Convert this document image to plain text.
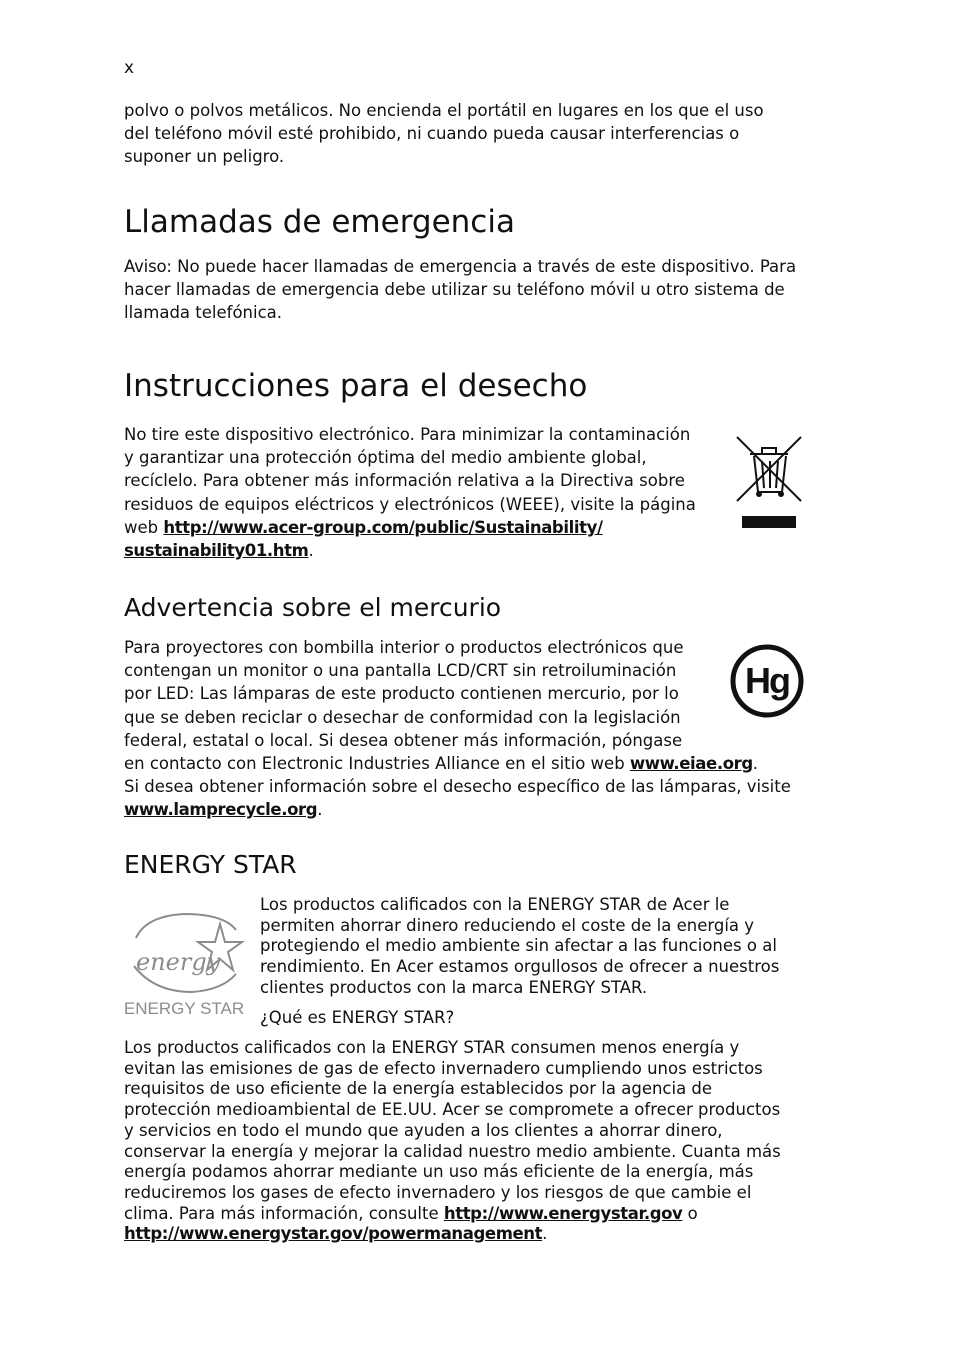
x

polvo o polvos metálicos. No encienda el portátil en lugares en los que el uso

del teléfono móvil esté prohibido, ni cuando pueda causar interferencias o

suponer un peligro.

Llamadas de emergencia

Aviso: No puede hacer llamadas de emergencia a través de este dispositivo. Para

hacer llamadas de emergencia debe utilizar su teléfono móvil u otro sistema de

llamada telefónica.

Instrucciones para el desecho

No tire este dispositivo electrónico. Para minimizar la contaminación

y garantizar una protección óptima del medio ambiente global,

recíclelo. Para obtener más información relativa a la Directiva sobre

residuos de equipos eléctricos y electrónicos (WEEE), visite la página

web http://www.acer-group.com/public/Sustainability/

sustainability01.htm.

Advertencia sobre el mercurio

Para proyectores con bombilla interior o productos electrónicos que

contengan un monitor o una pantalla LCD/CRT sin retroiluminación

por LED: Las lámparas de este producto contienen mercurio, por lo

que se deben reciclar o desechar de conformidad con la legislación

federal, estatal o local. Si desea obtener más información, póngase

en contacto con Electronic Industries Alliance en el sitio web www.eiae.org.

Si desea obtener información sobre el desecho específico de las lámparas, visite

www.lamprecycle.org.

Hg
ENERGY STAR
energy
ENERGY STAR

Los productos calificados con la ENERGY STAR de Acer le

permiten ahorrar dinero reduciendo el coste de la energía y

protegiendo el medio ambiente sin afectar a las funciones o al

rendimiento. En Acer estamos orgullosos de ofrecer a nuestros

clientes productos con la marca ENERGY STAR.

¿Qué es ENERGY STAR?

Los productos calificados con la ENERGY STAR consumen menos energía y

evitan las emisiones de gas de efecto invernadero cumpliendo unos estrictos

requisitos de uso eficiente de la energía establecidos por la agencia de

protección medioambiental de EE.UU. Acer se compromete a ofrecer productos

y servicios en todo el mundo que ayuden a los clientes a ahorrar dinero,

conservar la energía y mejorar la calidad nuestro medio ambiente. Cuanta más

energía podamos ahorrar mediante un uso más eficiente de la energía, más

reduciremos los gases de efecto invernadero y los riesgos de que cambie el

clima. Para más información, consulte http://www.energystar.gov o

http://www.energystar.gov/powermanagement.
